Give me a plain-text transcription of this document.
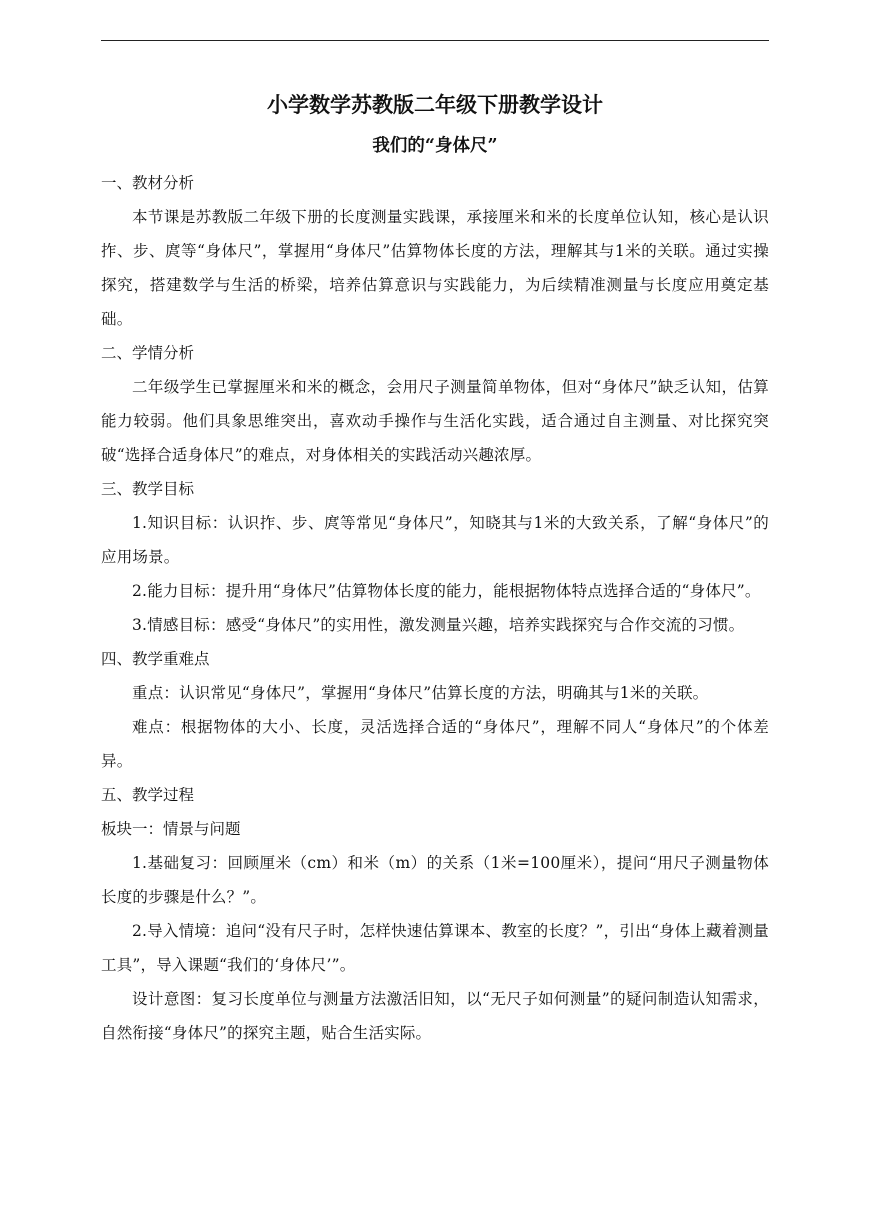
小学数学苏教版二年级下册教学设计
我们的“身体尺”

一、教材分析

本节课是苏教版二年级下册的长度测量实践课，承接厘米和米的长度单位认知，核心是认识拃、步、庹等“身体尺”，掌握用“身体尺”估算物体长度的方法，理解其与1米的关联。通过实操探究，搭建数学与生活的桥梁，培养估算意识与实践能力，为后续精准测量与长度应用奠定基础。

二、学情分析

二年级学生已掌握厘米和米的概念，会用尺子测量简单物体，但对“身体尺”缺乏认知，估算能力较弱。他们具象思维突出，喜欢动手操作与生活化实践，适合通过自主测量、对比探究突破“选择合适身体尺”的难点，对身体相关的实践活动兴趣浓厚。

三、教学目标

1.知识目标：认识拃、步、庹等常见“身体尺”，知晓其与1米的大致关系，了解“身体尺”的应用场景。

2.能力目标：提升用“身体尺”估算物体长度的能力，能根据物体特点选择合适的“身体尺”。

3.情感目标：感受“身体尺”的实用性，激发测量兴趣，培养实践探究与合作交流的习惯。

四、教学重难点

重点：认识常见“身体尺”，掌握用“身体尺”估算长度的方法，明确其与1米的关联。

难点：根据物体的大小、长度，灵活选择合适的“身体尺”，理解不同人“身体尺”的个体差异。

五、教学过程

板块一：情景与问题

1.基础复习：回顾厘米（cm）和米（m）的关系（1米=100厘米），提问“用尺子测量物体长度的步骤是什么？”。

2.导入情境：追问“没有尺子时，怎样快速估算课本、教室的长度？”，引出“身体上藏着测量工具”，导入课题“我们的‘身体尺’”。

设计意图：复习长度单位与测量方法激活旧知，以“无尺子如何测量”的疑问制造认知需求，自然衔接“身体尺”的探究主题，贴合生活实际。
